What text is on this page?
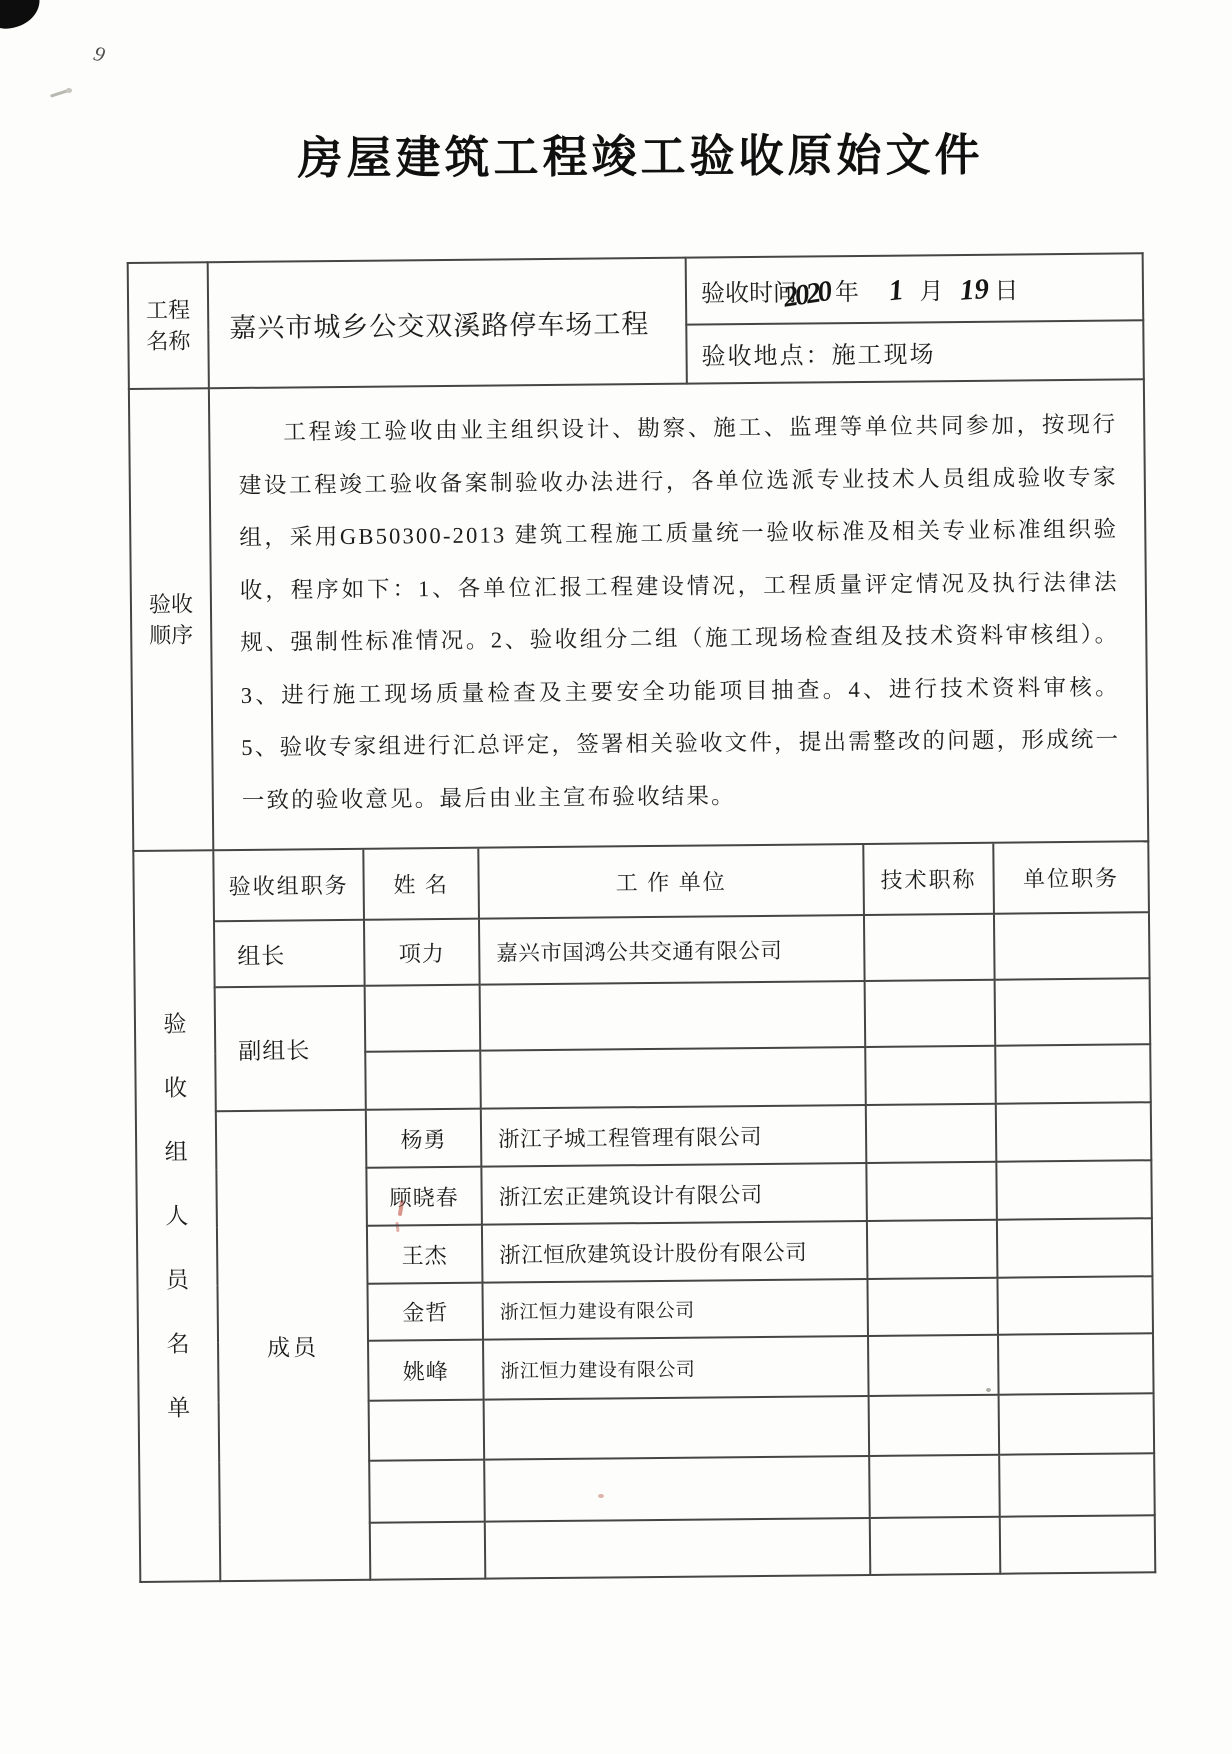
9
房屋建筑工程竣工验收原始文件
工程名称	嘉兴市城乡公交双溪路停车场工程	验收时间2020 年 1 月 19 日
验收地点：施工现场
验收顺序

工程竣工验收由业主组织设计、勘察、施工、监理等单位共同参加，按现行建设工程竣工验收备案制验收办法进行，各单位选派专业技术人员组成验收专家组，采用GB50300-2013 建筑工程施工质量统一验收标准及相关专业标准组织验收，程序如下：1、各单位汇报工程建设情况，工程质量评定情况及执行法律法规、强制性标准情况。2、验收组分二组（施工现场检查组及技术资料审核组）。3、进行施工现场质量检查及主要安全功能项目抽查。4、进行技术资料审核。5、验收专家组进行汇总评定，签署相关验收文件，提出需整改的问题，形成统一一致的验收意见。最后由业主宣布验收结果。

验收组人员名单	验收组职务	姓 名	工 作 单位	技术职称	单位职务
	组长	项力	嘉兴市国鸿公共交通有限公司		
	副组长				

	成员	杨勇	浙江子城工程管理有限公司		
		顾晓春	浙江宏正建筑设计有限公司		
		王杰	浙江恒欣建筑设计股份有限公司		
		金哲	浙江恒力建设有限公司		
		姚峰	浙江恒力建设有限公司		
